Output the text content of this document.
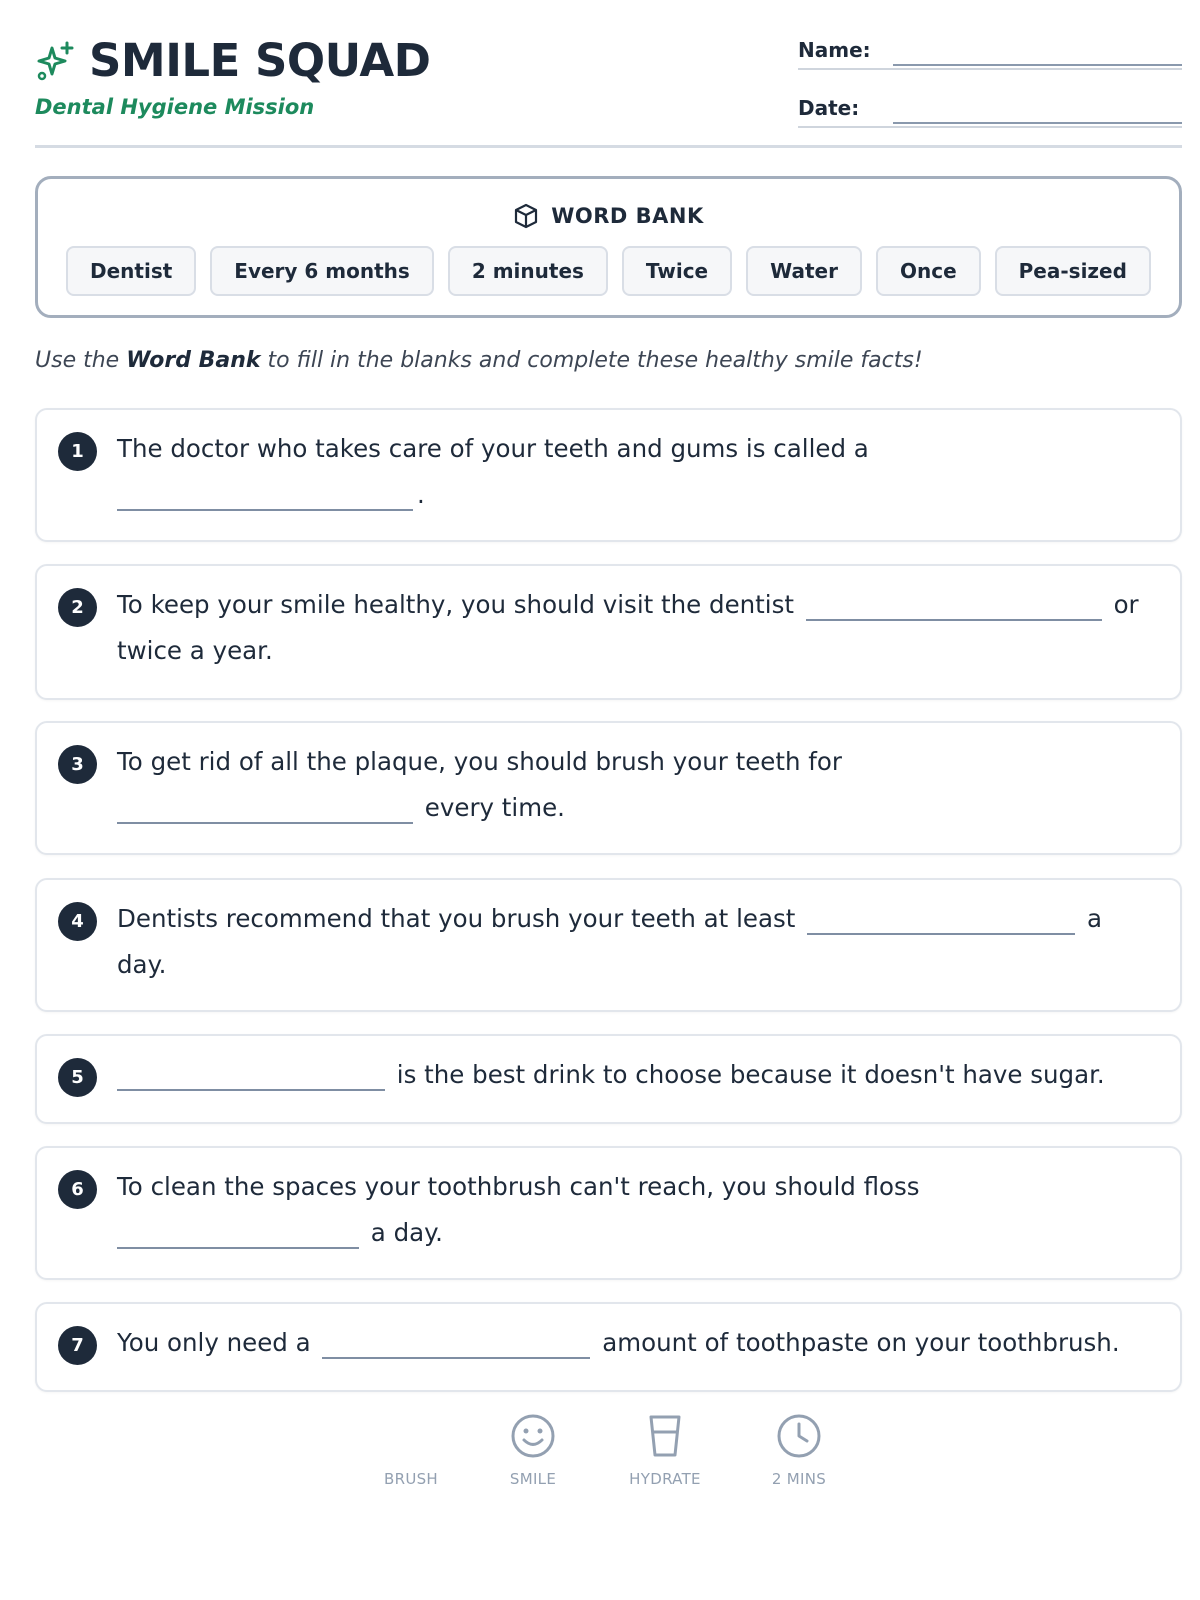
SMILE SQUAD
Dental Hygiene Mission
Name:
Date:
WORD BANK
Dentist	Every 6 months	2 minutes	Twice	Water	Once	Pea-sized
Use the Word Bank to fill in the blanks and complete these healthy smile facts!
1	The doctor who takes care of your teeth and gums is called a
.
2	To keep your smile healthy, you should visit the dentist	or twice a year.
3	To get rid of all the plaque, you should brush your teeth for
every time.
4	Dentists recommend that you brush your teeth at least	a day.
5	is the best drink to choose because it doesn't have sugar.
6	To clean the spaces your toothbrush can't reach, you should floss
a day.
7	You only need a	amount of toothpaste on your toothbrush.
BRUSH	SMILE	HYDRATE	2 MINS
